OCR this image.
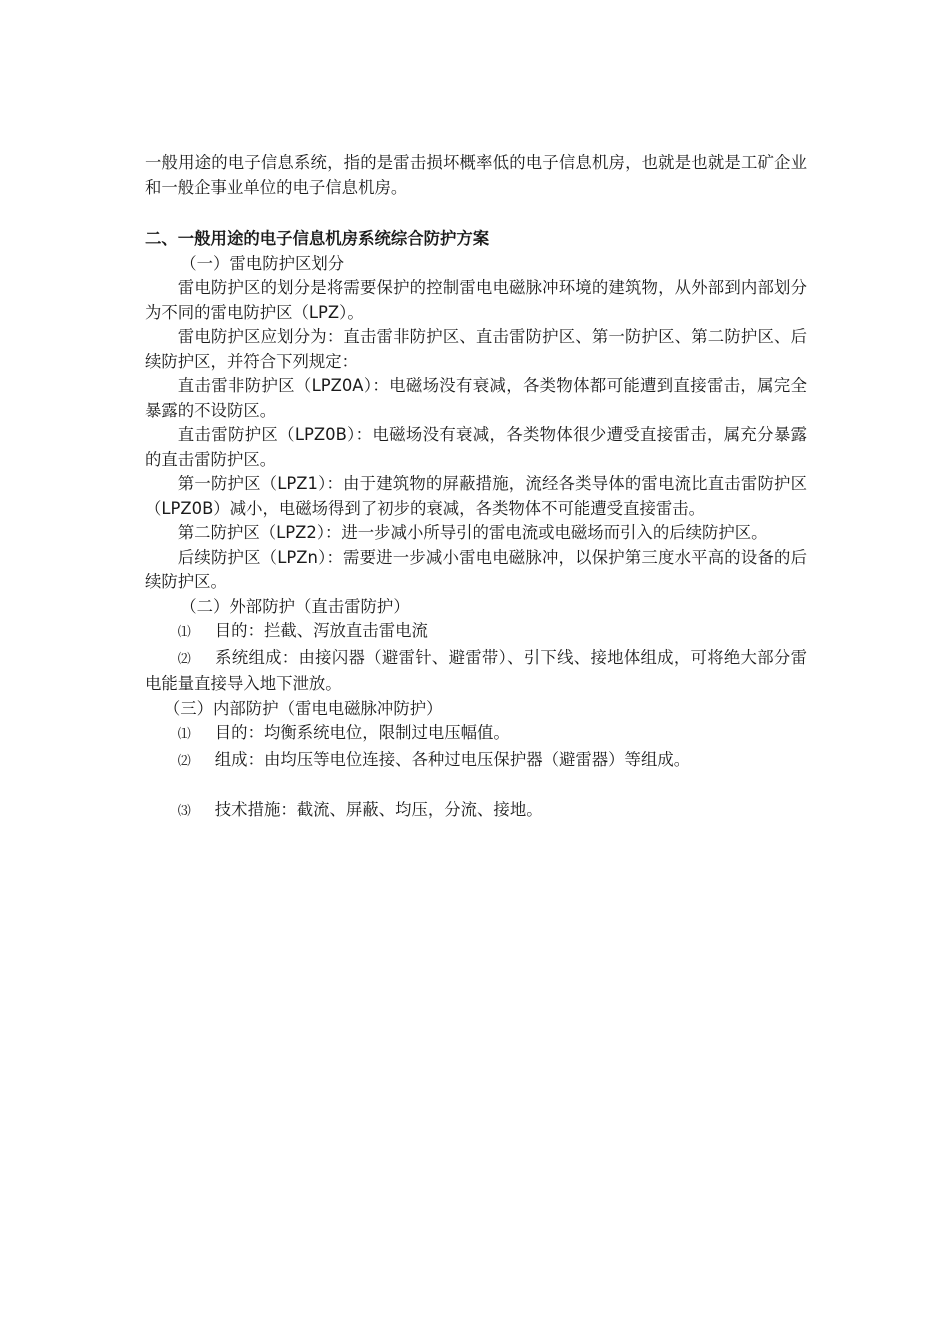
一般用途的电子信息系统，指的是雷击损坏概率低的电子信息机房，也就是也就是工矿企业和一般企事业单位的电子信息机房。

二、一般用途的电子信息机房系统综合防护方案

（一）雷电防护区划分

雷电防护区的划分是将需要保护的控制雷电电磁脉冲环境的建筑物，从外部到内部划分为不同的雷电防护区（LPZ）。

雷电防护区应划分为：直击雷非防护区、直击雷防护区、第一防护区、第二防护区、后续防护区，并符合下列规定：

直击雷非防护区（LPZ0A）：电磁场没有衰减，各类物体都可能遭到直接雷击，属完全暴露的不设防区。

直击雷防护区（LPZ0B）：电磁场没有衰减，各类物体很少遭受直接雷击，属充分暴露的直击雷防护区。

第一防护区（LPZ1）：由于建筑物的屏蔽措施，流经各类导体的雷电流比直击雷防护区（LPZ0B）减小，电磁场得到了初步的衰减，各类物体不可能遭受直接雷击。

第二防护区（LPZ2）：进一步减小所导引的雷电流或电磁场而引入的后续防护区。

后续防护区（LPZn）：需要进一步减小雷电电磁脉冲，以保护第三度水平高的设备的后续防护区。

（二）外部防护（直击雷防护）

⑴ 目的：拦截、泻放直击雷电流

⑵ 系统组成：由接闪器（避雷针、避雷带）、引下线、接地体组成，可将绝大部分雷电能量直接导入地下泄放。

（三）内部防护（雷电电磁脉冲防护）

⑴ 目的：均衡系统电位，限制过电压幅值。

⑵ 组成：由均压等电位连接、各种过电压保护器（避雷器）等组成。

⑶ 技术措施：截流、屏蔽、均压，分流、接地。
